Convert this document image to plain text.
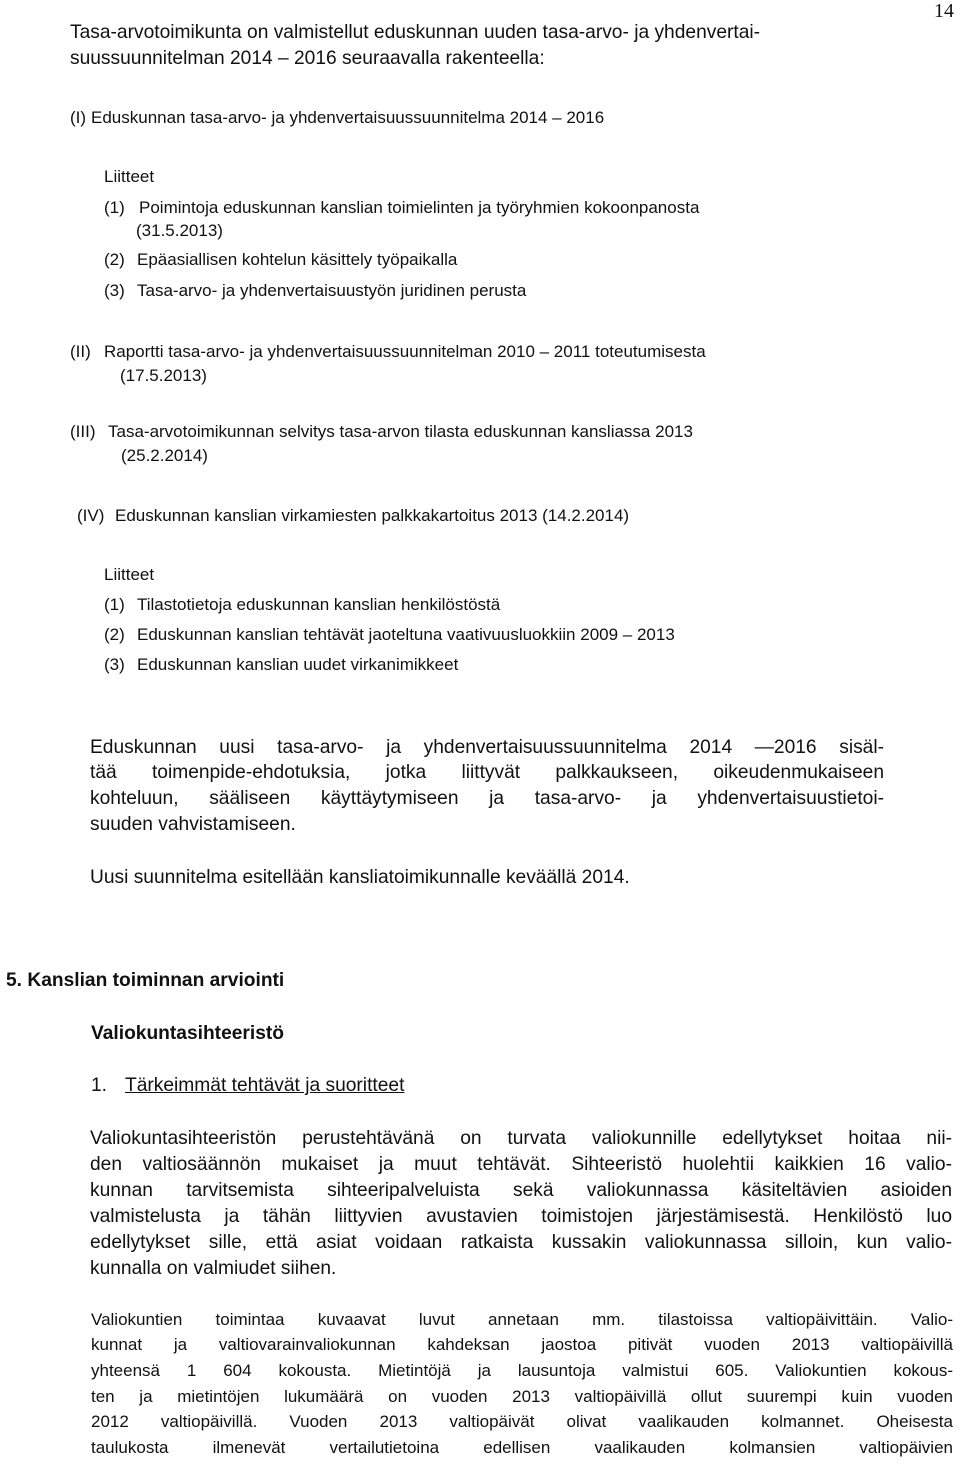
14
Tasa-arvotoimikunta on valmistellut eduskunnan uuden tasa-arvo- ja yhdenvertai-
suussuunnitelman 2014 – 2016 seuraavalla rakenteella:
(I) Eduskunnan tasa-arvo- ja yhdenvertaisuussuunnitelma 2014 – 2016
Liitteet
(1) Poimintoja eduskunnan kanslian toimielinten ja työryhmien kokoonpanosta
(31.5.2013)
(2) Epäasiallisen kohtelun käsittely työpaikalla
(3) Tasa-arvo- ja yhdenvertaisuustyön juridinen perusta
(II) Raportti tasa-arvo- ja yhdenvertaisuussuunnitelman 2010 – 2011 toteutumisesta
(17.5.2013)
(III) Tasa-arvotoimikunnan selvitys tasa-arvon tilasta eduskunnan kansliassa 2013
(25.2.2014)
(IV) Eduskunnan kanslian virkamiesten palkkakartoitus 2013 (14.2.2014)
Liitteet
(1) Tilastotietoja eduskunnan kanslian henkilöstöstä
(2) Eduskunnan kanslian tehtävät jaoteltuna vaativuusluokkiin 2009 – 2013
(3) Eduskunnan kanslian uudet virkanimikkeet
Eduskunnan uusi tasa-arvo- ja yhdenvertaisuussuunnitelma 2014 —2016 sisäl-
tää toimenpide-ehdotuksia, jotka liittyvät palkkaukseen, oikeudenmukaiseen
kohteluun, sääliseen käyttäytymiseen ja tasa-arvo- ja yhdenvertaisuustietoi-
suuden vahvistamiseen.
Uusi suunnitelma esitellään kansliatoimikunnalle keväällä 2014.
5. Kanslian toiminnan arviointi
Valiokuntasihteeristö
1. Tärkeimmät tehtävät ja suoritteet
Valiokuntasihteeristön perustehtävänä on turvata valiokunnille edellytykset hoitaa nii-
den valtiosäännön mukaiset ja muut tehtävät. Sihteeristö huolehtii kaikkien 16 valio-
kunnan tarvitsemista sihteeripalveluista sekä valiokunnassa käsiteltävien asioiden
valmistelusta ja tähän liittyvien avustavien toimistojen järjestämisestä. Henkilöstö luo
edellytykset sille, että asiat voidaan ratkaista kussakin valiokunnassa silloin, kun valio-
kunnalla on valmiudet siihen.
Valiokuntien toimintaa kuvaavat luvut annetaan mm. tilastoissa valtiopäivittäin. Valio-
kunnat ja valtiovarainvaliokunnan kahdeksan jaostoa pitivät vuoden 2013 valtiopäivillä
yhteensä 1 604 kokousta. Mietintöjä ja lausuntoja valmistui 605. Valiokuntien kokous-
ten ja mietintöjen lukumäärä on vuoden 2013 valtiopäivillä ollut suurempi kuin vuoden
2012 valtiopäivillä. Vuoden 2013 valtiopäivät olivat vaalikauden kolmannet. Oheisesta
taulukosta ilmenevät vertailutietoina edellisen vaalikauden kolmansien valtiopäivien
